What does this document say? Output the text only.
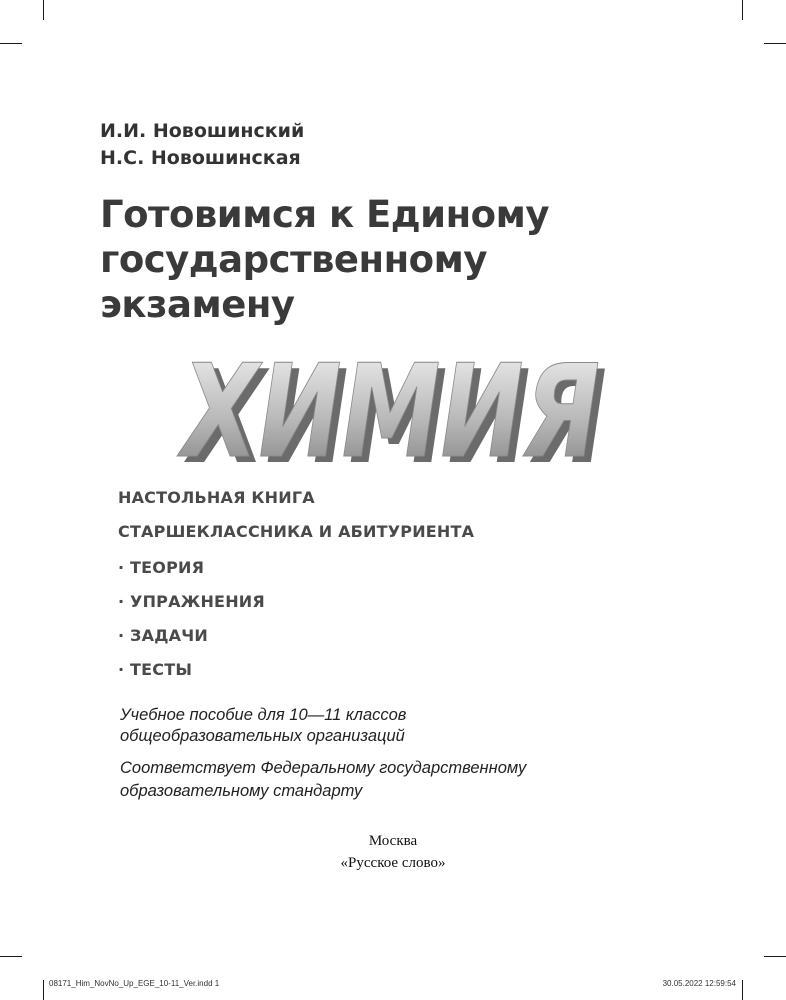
И.И. Новошинский
Н.С. Новошинская
Готовимся к Единому
государственному
экзамену
ХИМИЯ
ХИМИЯ
НАСТОЛЬНАЯ КНИГА
СТАРШЕКЛАССНИКА И АБИТУРИЕНТА
· ТЕОРИЯ
· УПРАЖНЕНИЯ
· ЗАДАЧИ
· ТЕСТЫ
Учебное пособие для 10—11 классов
общеобразовательных организаций
Соответствует Федеральному государственному
образовательному стандарту
Москва
«Русское слово»
08171_Him_NovNo_Up_EGE_10-11_Ver.indd 1	30.05.2022 12:59:54
